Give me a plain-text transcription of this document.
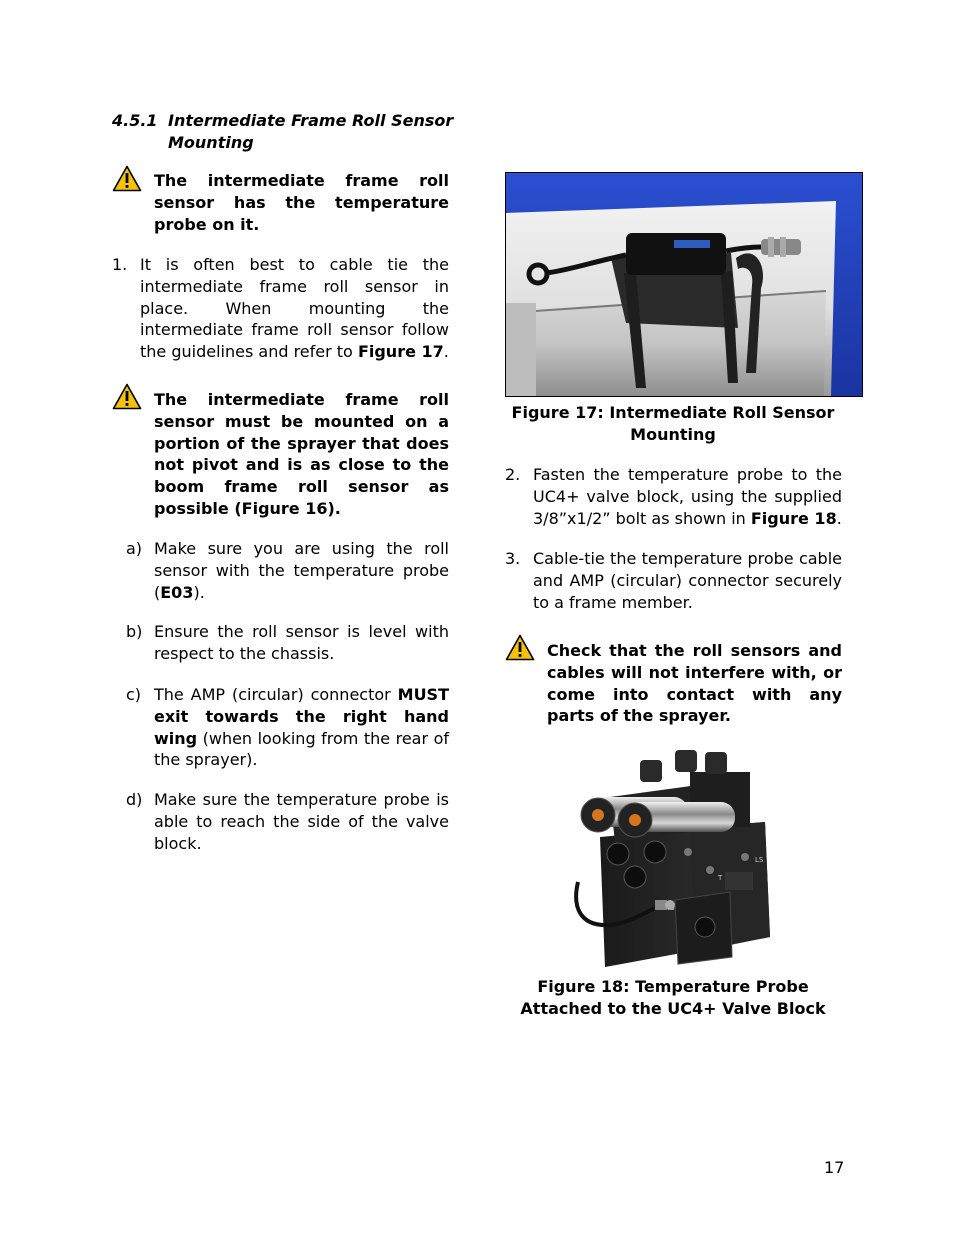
4.5.1 Intermediate Frame Roll Sensor
Mounting
The intermediate frame roll sensor has the temperature probe on it.
1. It is often best to cable tie the intermediate frame roll sensor in place. When mounting the intermediate frame roll sensor follow the guidelines and refer to Figure 17.
The intermediate frame roll sensor must be mounted on a portion of the sprayer that does not pivot and is as close to the boom frame roll sensor as possible (Figure 16).
a) Make sure you are using the roll sensor with the temperature probe (E03).
b) Ensure the roll sensor is level with respect to the chassis.
c) The AMP (circular) connector MUST exit towards the right hand wing (when looking from the rear of the sprayer).
d) Make sure the temperature probe is able to reach the side of the valve block.
Figure 17: Intermediate Roll Sensor
Mounting
2. Fasten the temperature probe to the UC4+ valve block, using the supplied 3/8”x1/2” bolt as shown in Figure 18.
3. Cable-tie the temperature probe cable and AMP (circular) connector securely to a frame member.
Check that the roll sensors and cables will not interfere with, or come into contact with any parts of the sprayer.
T
LS
Figure 18: Temperature Probe
Attached to the UC4+ Valve Block
17
